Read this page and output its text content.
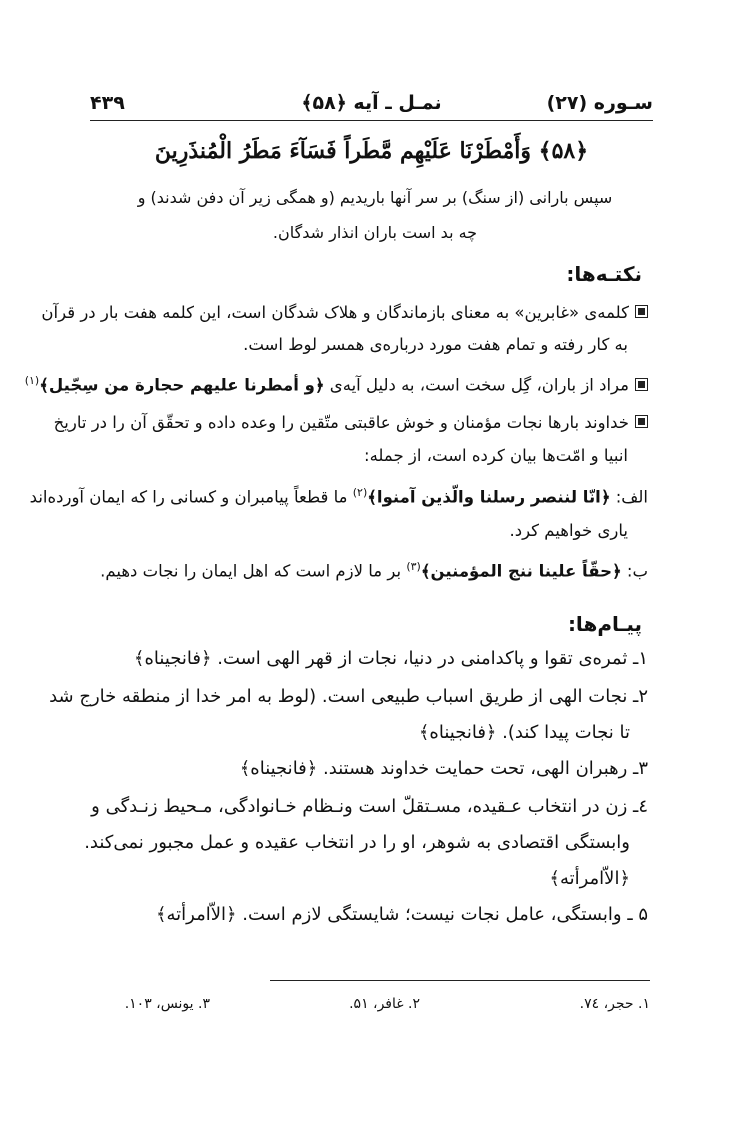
سـوره (۲۷)
نمـل ـ آیه ﴿۵۸﴾
۴۳۹
﴿۵۸﴾ وَأَمْطَرْنَا عَلَيْهِم مَّطَراً فَسَآءَ مَطَرُ الْمُنذَرِينَ
سپس بارانی (از سنگ) بر سر آنها باریدیم (و همگی زیر آن دفن شدند) و
چه بد است باران انذار شدگان.
نکتـه‌ها:
کلمه‌ی «غابرین» به معنای بازماندگان و هلاک شدگان است، این کلمه هفت بار در قرآن
به کار رفته و تمام هفت مورد درباره‌ی همسر لوط است.
مراد از باران، گِل سخت است، به دلیل آیه‌ی ﴿و أمطرنا علیهم حجارة من سِجّیل﴾$^{(۱)}$
خداوند بارها نجات مؤمنان و خوش عاقبتی متّقین را وعده داده و تحقّق آن را در تاریخ
انبیا و امّت‌ها بیان کرده است، از جمله:
الف: ﴿انّا لننصر رسلنا والّذین آمنوا﴾$^{(۲)}$ ما قطعاً پیامبران و کسانی را که ایمان آورده‌اند
یاری خواهیم کرد.
ب: ﴿حقّاً علینا ننج المؤمنین﴾$^{(۳)}$ بر ما لازم است که اهل ایمان را نجات دهیم.
پیـام‌ها:
۱ـ ثمره‌ی تقوا و پاکدامنی در دنیا، نجات از قهر الهی است. ﴿فانجیناه﴾
۲ـ نجات الهی از طریق اسباب طبیعی است. (لوط به امر خدا از منطقه خارج شد
تا نجات پیدا کند). ﴿فانجیناه﴾
۳ـ رهبران الهی، تحت حمایت خداوند هستند. ﴿فانجیناه﴾
٤ـ زن در انتخاب عـقیده، مسـتقلّ است ونـظام خـانوادگی، مـحیط زنـدگی و
وابستگی اقتصادی به شوهر، او را در انتخاب عقیده و عمل مجبور نمی‌کند.
﴿الاّامرأته﴾
۵ ـ وابستگی، عامل نجات نیست؛ شایستگی لازم است. ﴿الاّامرأته﴾
۱. حجر، ۷٤.
۲. غافر، ۵۱.
۳. یونس، ۱۰۳.
